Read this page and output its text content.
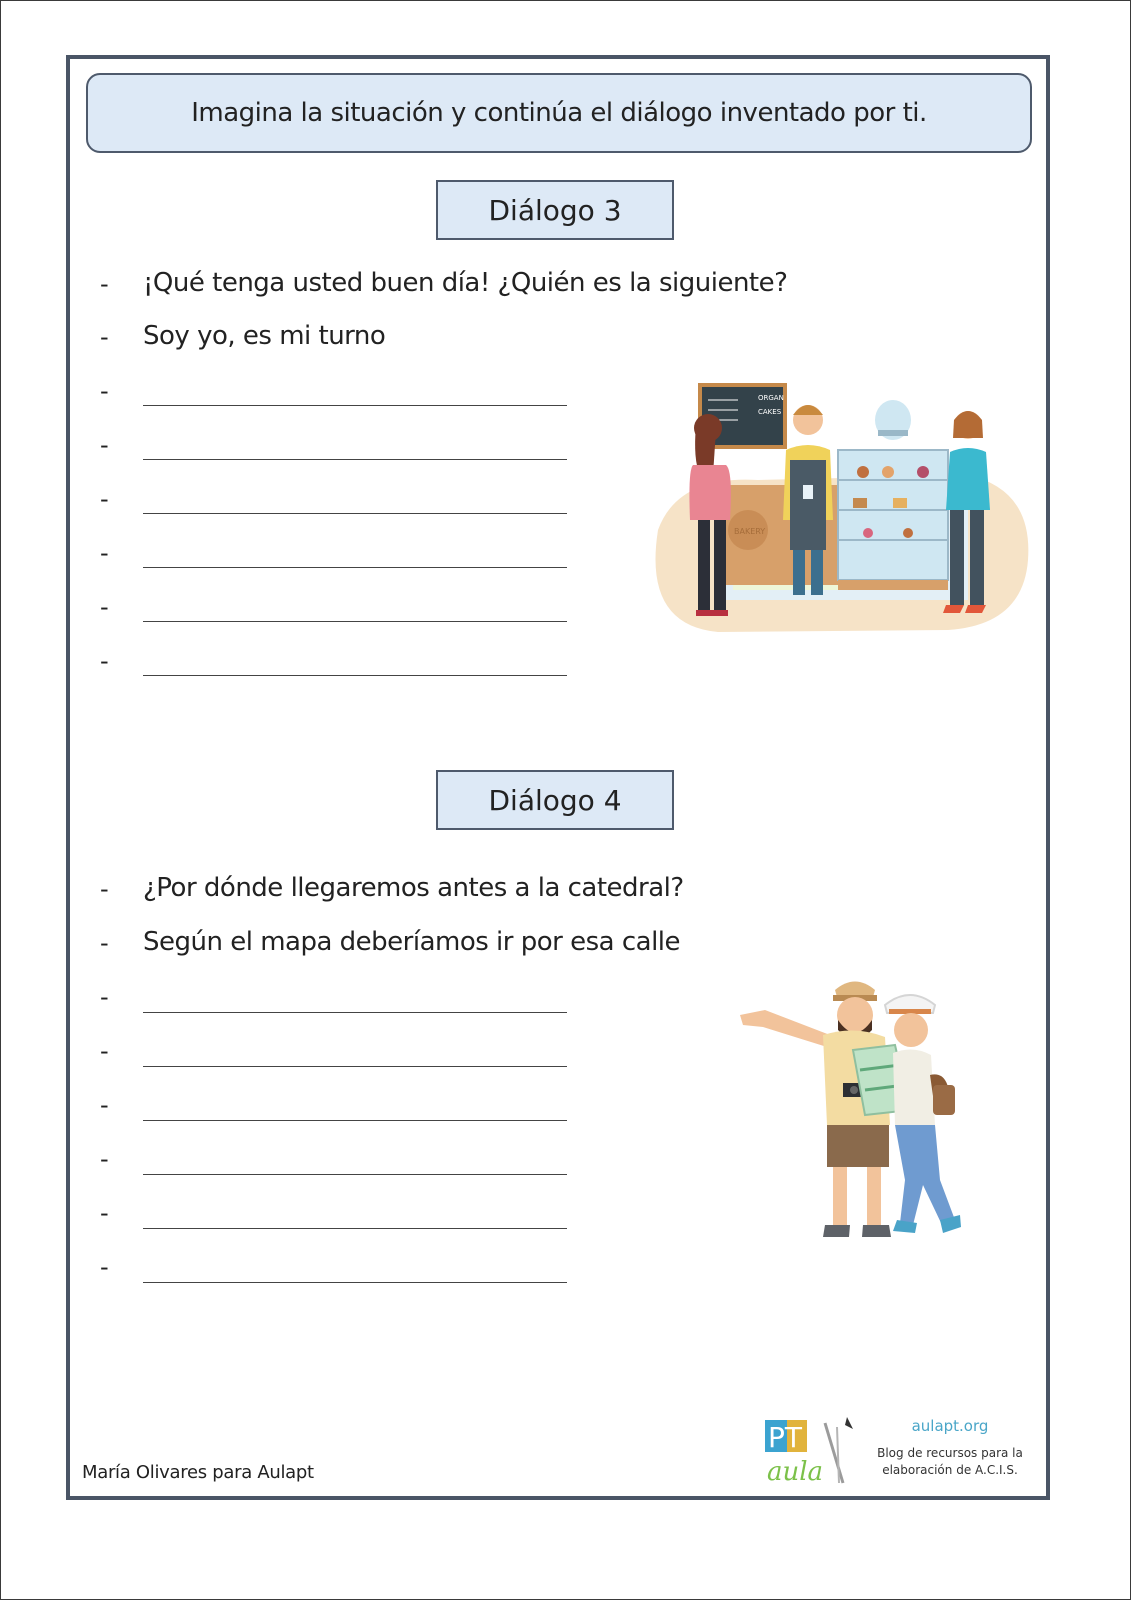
Imagina la situación y continúa el diálogo inventado por ti.
Diálogo 3
- ¡Qué tenga usted buen día! ¿Quién es la siguiente?
- Soy yo, es mi turno
-
-
-
-
-
-
ORGAN
CAKES
BAKERY
Diálogo 4
- ¿Por dónde llegaremos antes a la catedral?
- Según el mapa deberíamos ir por esa calle
-
-
-
-
-
-
María Olivares para Aulapt
PT
aula
aulapt.org
Blog de recursos para la
elaboración de A.C.I.S.
